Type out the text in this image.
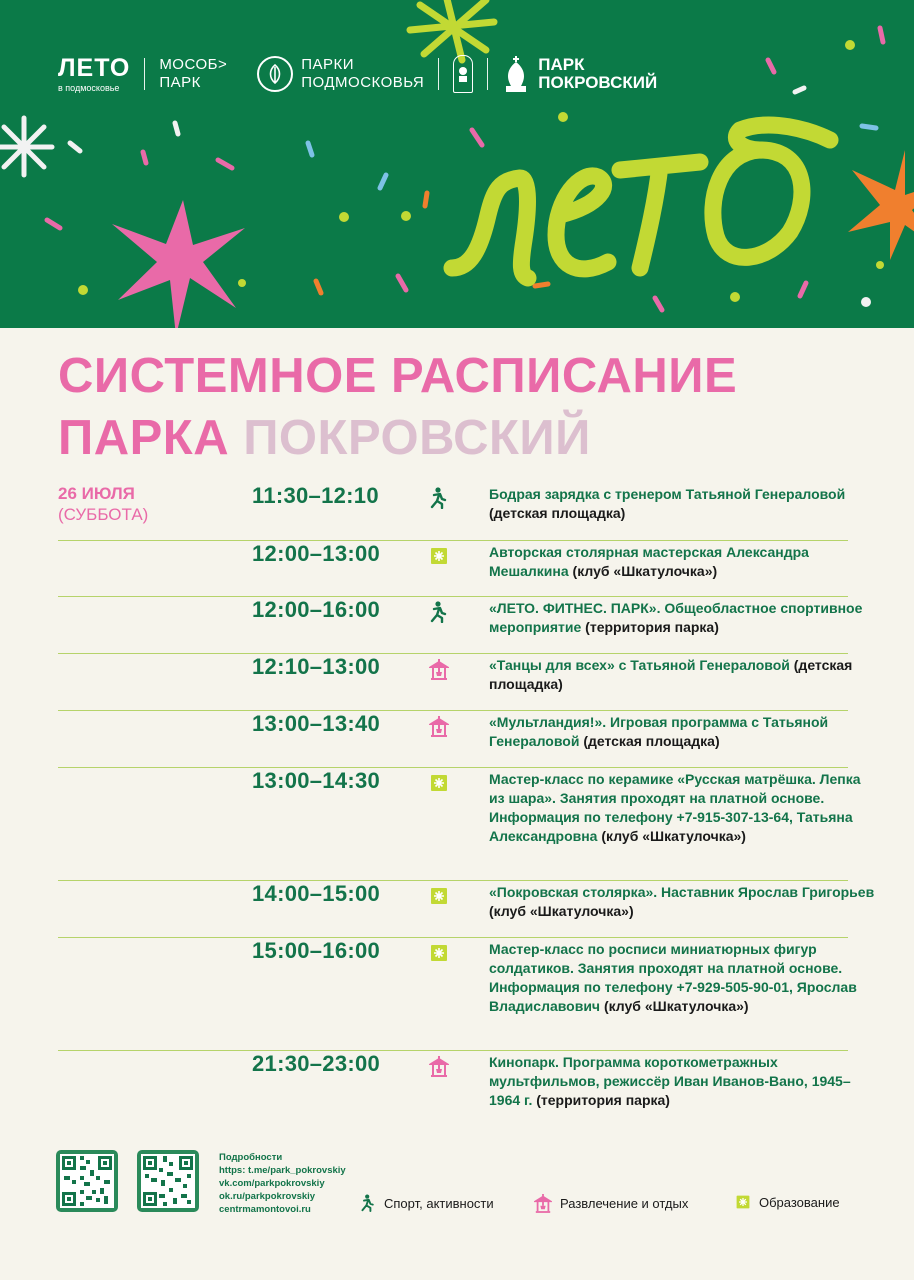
ЛЕТО
в подмосковье
МОСОБ>
ПАРК
ПАРКИ
ПОДМОСКОВЬЯ
ПАРК
ПОКРОВСКИЙ
СИСТЕМНОЕ РАСПИСАНИЕ
ПАРКА ПОКРОВСКИЙ
26 ИЮЛЯ
(СУББОТА)
11:30–12:10	Бодрая зарядка с тренером Татьяной Генераловой (детская площадка)
12:00–13:00	Авторская столярная мастерская Александра Мешалкина (клуб «Шкатулочка»)
12:00–16:00	«ЛЕТО. ФИТНЕС. ПАРК». Общеобластное спортивное мероприятие (территория парка)
12:10–13:00	«Танцы для всех» с Татьяной Генераловой (детская площадка)
13:00–13:40	«Мультландия!». Игровая программа с Татьяной Генераловой (детская площадка)
13:00–14:30	Мастер-класс по керамике «Русская матрёшка. Лепка из шара». Занятия проходят на платной основе. Информация по телефону +7-915-307-13-64, Татьяна Александровна (клуб «Шкатулочка»)
14:00–15:00	«Покровская столярка». Наставник Ярослав Григорьев (клуб «Шкатулочка»)
15:00–16:00	Мастер-класс по росписи миниатюрных фигур солдатиков. Занятия проходят на платной основе. Информация по телефону +7-929-505-90-01, Ярослав Владиславович (клуб «Шкатулочка»)
21:30–23:00	Кинопарк. Программа короткометражных мультфильмов, режиссёр Иван Иванов-Вано, 1945–1964 г. (территория парка)
Подробности
https: t.me/park_pokrovskiy
vk.com/parkpokrovskiy
ok.ru/parkpokrovskiy
centrmamontovoi.ru	Спорт, активности	Развлечение и отдых	Образование
